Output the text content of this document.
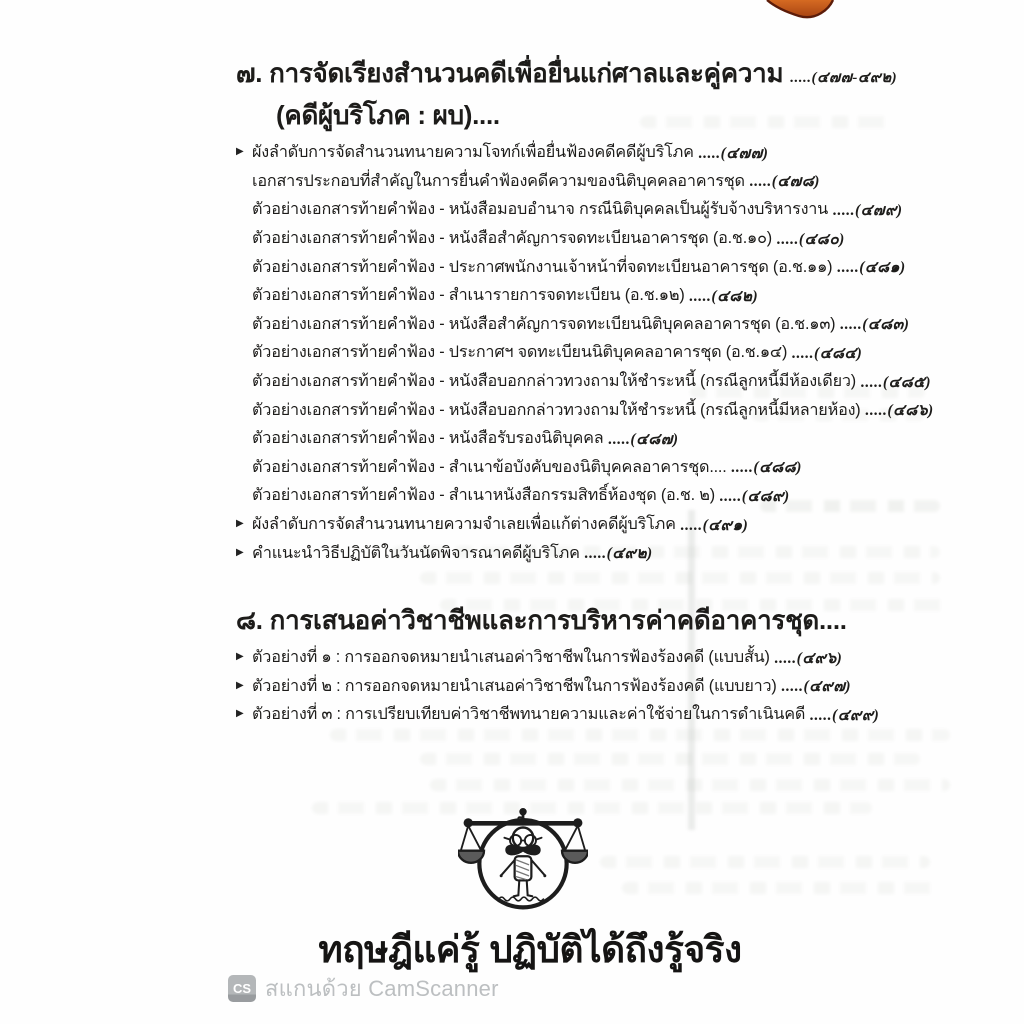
๗. การจัดเรียงสำนวนคดีเพื่อยื่นแก่ศาลและคู่ความ .....(๔๗๗-๔๙๒)
(คดีผู้บริโภค : ผบ)....
▶ ผังลำดับการจัดสำนวนทนายความโจทก์เพื่อยื่นฟ้องคดีคดีผู้บริโภค .....(๔๗๗)
เอกสารประกอบที่สำคัญในการยื่นคำฟ้องคดีความของนิติบุคคลอาคารชุด .....(๔๗๘)
ตัวอย่างเอกสารท้ายคำฟ้อง - หนังสือมอบอำนาจ กรณีนิติบุคคลเป็นผู้รับจ้างบริหารงาน .....(๔๗๙)
ตัวอย่างเอกสารท้ายคำฟ้อง - หนังสือสำคัญการจดทะเบียนอาคารชุด (อ.ช.๑๐) .....(๔๘๐)
ตัวอย่างเอกสารท้ายคำฟ้อง - ประกาศพนักงานเจ้าหน้าที่จดทะเบียนอาคารชุด (อ.ช.๑๑) .....(๔๘๑)
ตัวอย่างเอกสารท้ายคำฟ้อง - สำเนารายการจดทะเบียน (อ.ช.๑๒) .....(๔๘๒)
ตัวอย่างเอกสารท้ายคำฟ้อง - หนังสือสำคัญการจดทะเบียนนิติบุคคลอาคารชุด (อ.ช.๑๓) .....(๔๘๓)
ตัวอย่างเอกสารท้ายคำฟ้อง - ประกาศฯ จดทะเบียนนิติบุคคลอาคารชุด (อ.ช.๑๔) .....(๔๘๔)
ตัวอย่างเอกสารท้ายคำฟ้อง - หนังสือบอกกล่าวทวงถามให้ชำระหนี้ (กรณีลูกหนี้มีห้องเดียว) .....(๔๘๕)
ตัวอย่างเอกสารท้ายคำฟ้อง - หนังสือบอกกล่าวทวงถามให้ชำระหนี้ (กรณีลูกหนี้มีหลายห้อง) .....(๔๘๖)
ตัวอย่างเอกสารท้ายคำฟ้อง - หนังสือรับรองนิติบุคคล .....(๔๘๗)
ตัวอย่างเอกสารท้ายคำฟ้อง - สำเนาข้อบังคับของนิติบุคคลอาคารชุด.... .....(๔๘๘)
ตัวอย่างเอกสารท้ายคำฟ้อง - สำเนาหนังสือกรรมสิทธิ์ห้องชุด (อ.ช. ๒) .....(๔๘๙)
▶ ผังลำดับการจัดสำนวนทนายความจำเลยเพื่อแก้ต่างคดีผู้บริโภค .....(๔๙๑)
▶ คำแนะนำวิธีปฏิบัติในวันนัดพิจารณาคดีผู้บริโภค .....(๔๙๒)
๘. การเสนอค่าวิชาชีพและการบริหารค่าคดีอาคารชุด....
▶ ตัวอย่างที่ ๑ : การออกจดหมายนำเสนอค่าวิชาชีพในการฟ้องร้องคดี (แบบสั้น) .....(๔๙๖)
▶ ตัวอย่างที่ ๒ : การออกจดหมายนำเสนอค่าวิชาชีพในการฟ้องร้องคดี (แบบยาว) .....(๔๙๗)
▶ ตัวอย่างที่ ๓ : การเปรียบเทียบค่าวิชาชีพทนายความและค่าใช้จ่ายในการดำเนินคดี .....(๔๙๙)
ทฤษฎีแค่รู้ ปฏิบัติได้ถึงรู้จริง
CS สแกนด้วย CamScanner
